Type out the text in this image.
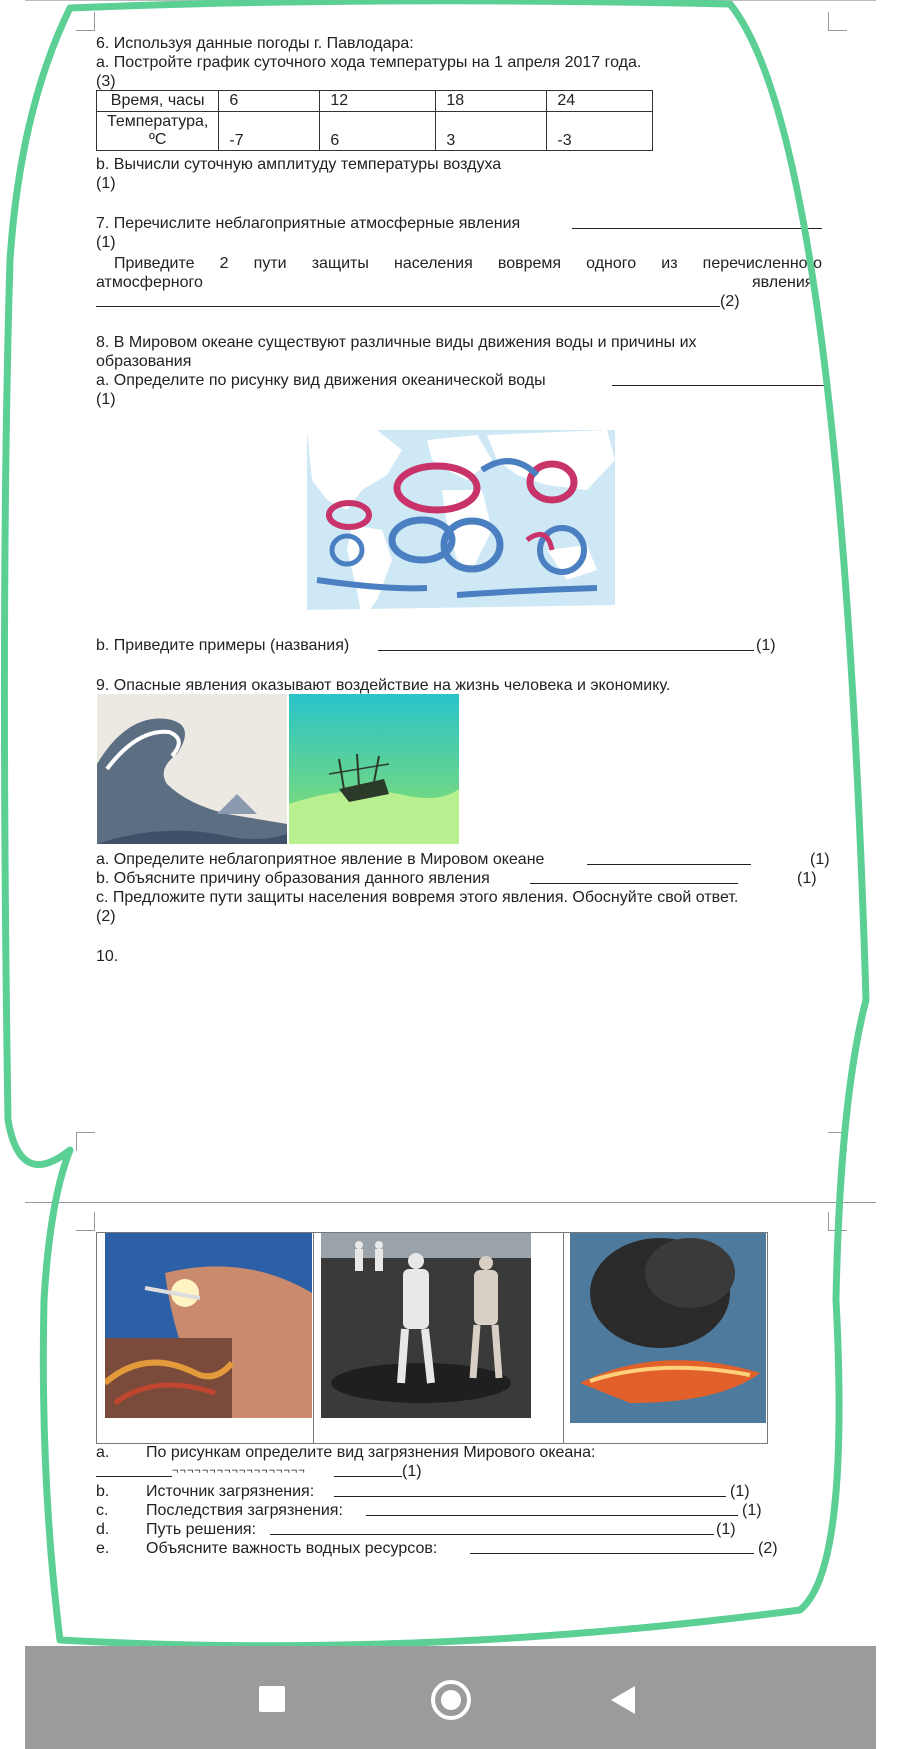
6. Используя данные погоды г. Павлодара:
a. Постройте график суточного хода температуры на 1 апреля 2017 года.
(3)
Время, часы	6	12	18	24

Температура,
ºС	-7	6	3	-3
b. Вычисли суточную амплитуду температуры воздуха
(1)
7. Перечислите неблагоприятные атмосферные явления
(1)
Приведите 2 пути защиты населения вовремя одного из перечисленного
атмосферного	явления
(2)
8. В Мировом океане существуют различные виды движения воды и причины их
образования
а. Определите по рисунку вид движения океанической воды
(1)
b. Приведите примеры (названия)	(1)
9. Опасные явления оказывают воздействие на жизнь человека и экономику.
a. Определите неблагоприятное явление в Мировом океане	(1)
b. Объясните причину образования данного явления	(1)
c. Предложите пути защиты населения вовремя этого явления. Обоснуйте свой ответ.
(2)
10.
a. По рисункам определите вид загрязнения Мирового океана:
¬¬¬¬¬¬¬¬¬¬¬¬¬¬¬¬¬¬	(1)
b. Источник загрязнения:	(1)
c. Последствия загрязнения:	(1)
d. Путь решения:	(1)
e. Объясните важность водных ресурсов:	(2)
